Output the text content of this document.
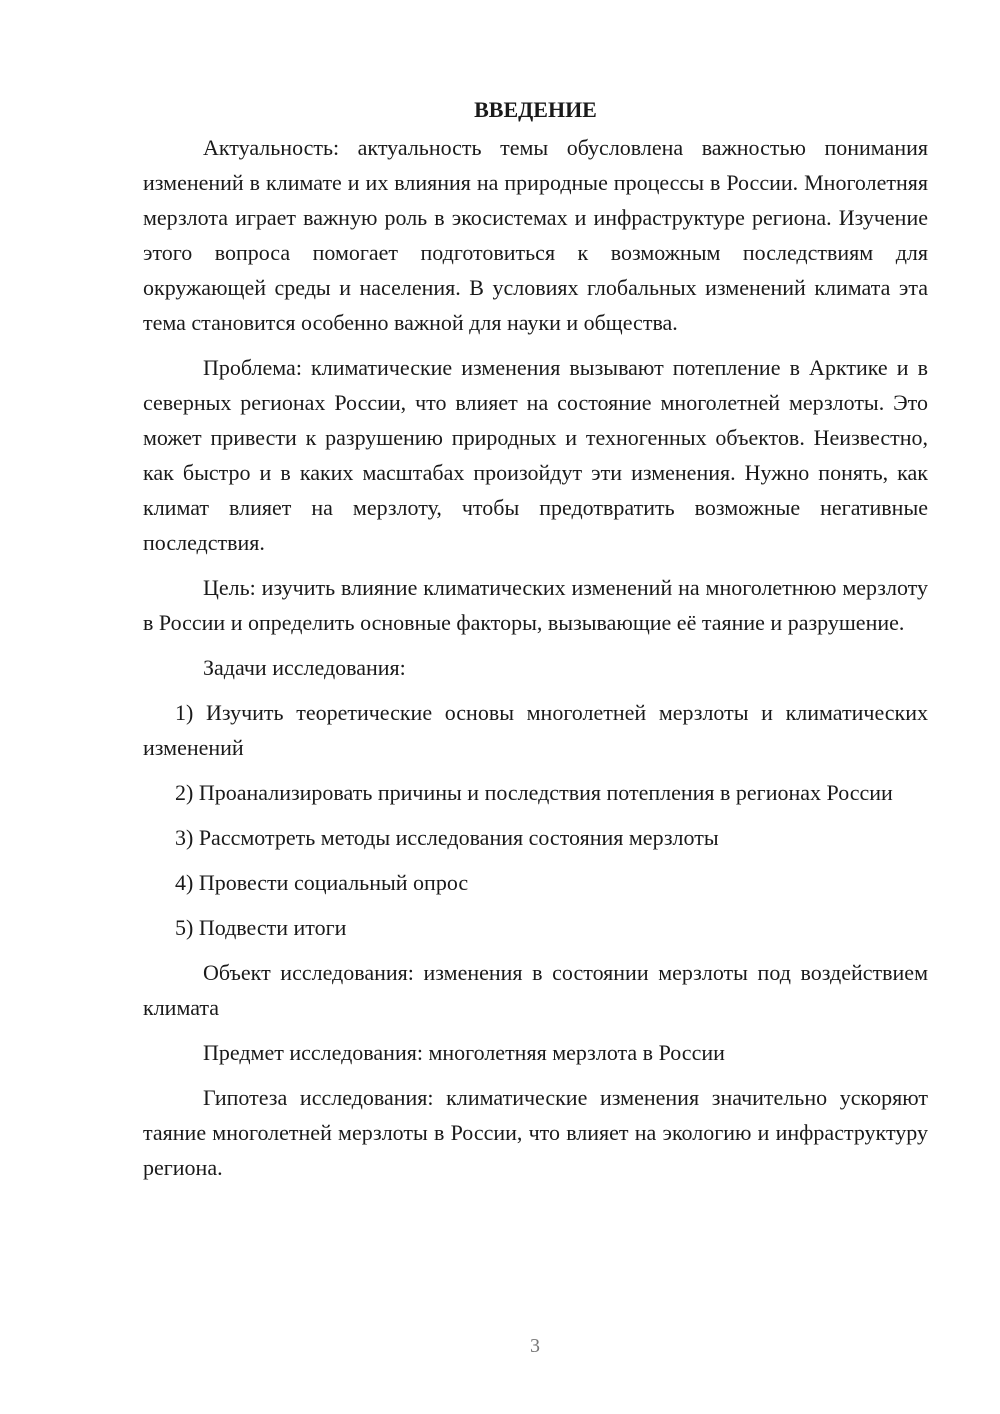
ВВЕДЕНИЕ

Актуальность: актуальность темы обусловлена важностью понимания изменений в климате и их влияния на природные процессы в России. Многолетняя мерзлота играет важную роль в экосистемах и инфраструктуре региона. Изучение этого вопроса помогает подготовиться к возможным последствиям для окружающей среды и населения. В условиях глобальных изменений климата эта тема становится особенно важной для науки и общества.

Проблема: климатические изменения вызывают потепление в Арктике и в северных регионах России, что влияет на состояние многолетней мерзлоты. Это может привести к разрушению природных и техногенных объектов. Неизвестно, как быстро и в каких масштабах произойдут эти изменения. Нужно понять, как климат влияет на мерзлоту, чтобы предотвратить возможные негативные последствия.

Цель: изучить влияние климатических изменений на многолетнюю мерзлоту в России и определить основные факторы, вызывающие её таяние и разрушение.

Задачи исследования:

1) Изучить теоретические основы многолетней мерзлоты и климатических изменений

2) Проанализировать причины и последствия потепления в регионах России

3) Рассмотреть методы исследования состояния мерзлоты

4) Провести социальный опрос

5) Подвести итоги

Объект исследования: изменения в состоянии мерзлоты под воздействием климата

Предмет исследования: многолетняя мерзлота в России

Гипотеза исследования: климатические изменения значительно ускоряют таяние многолетней мерзлоты в России, что влияет на экологию и инфраструктуру региона.

3
